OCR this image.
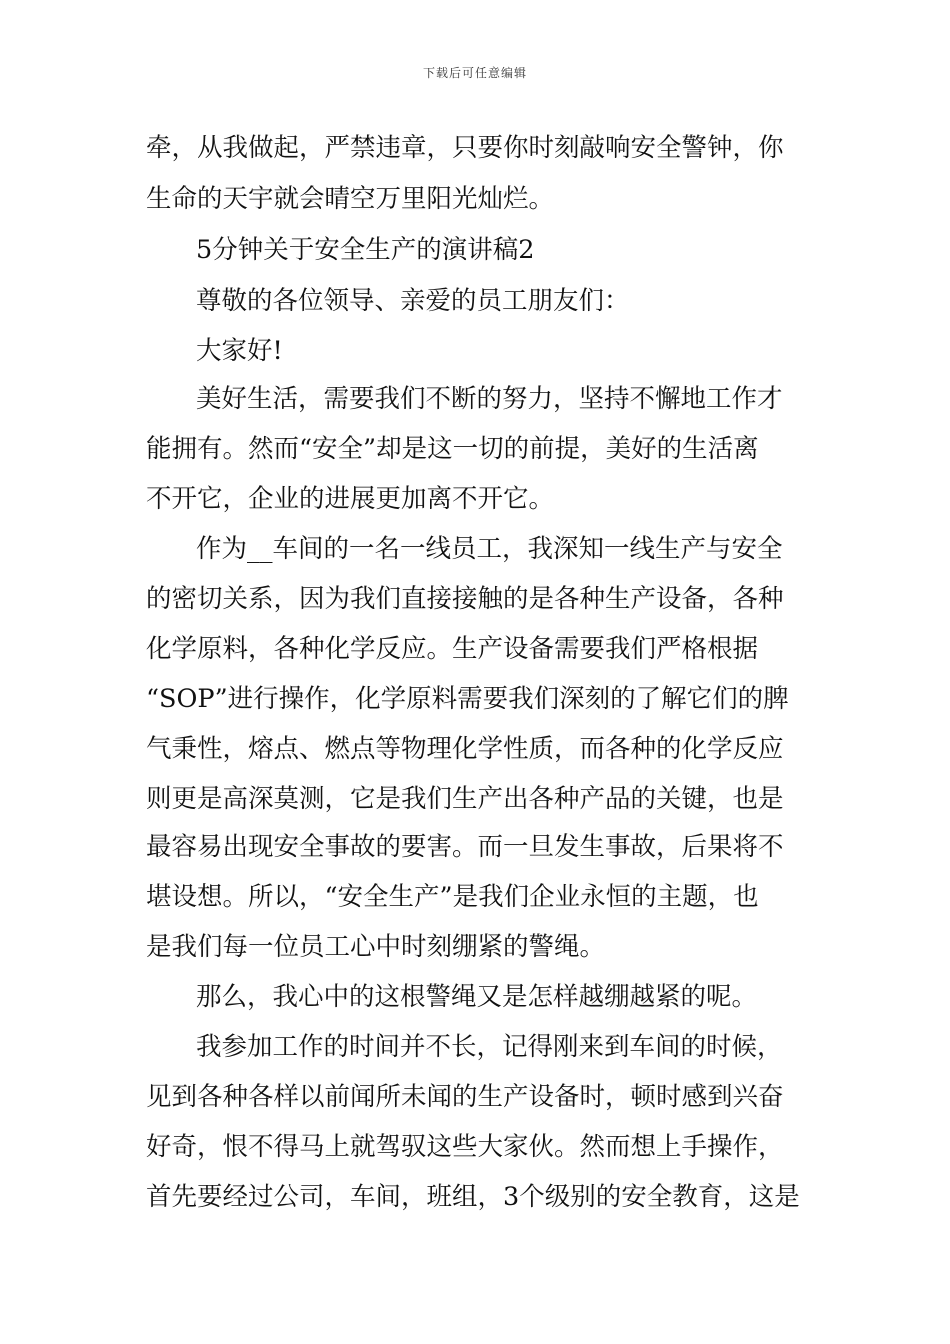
下载后可任意编辑
牵，从我做起，严禁违章，只要你时刻敲响安全警钟，你
生命的天宇就会晴空万里阳光灿烂。
5分钟关于安全生产的演讲稿2
尊敬的各位领导、亲爱的员工朋友们：
大家好!
美好生活，需要我们不断的努力，坚持不懈地工作才
能拥有。然而“安全”却是这一切的前提，美好的生活离
不开它，企业的进展更加离不开它。
作为__车间的一名一线员工，我深知一线生产与安全
的密切关系，因为我们直接接触的是各种生产设备，各种
化学原料，各种化学反应。生产设备需要我们严格根据
“SOP”进行操作，化学原料需要我们深刻的了解它们的脾
气秉性，熔点、燃点等物理化学性质，而各种的化学反应
则更是高深莫测，它是我们生产出各种产品的关键，也是
最容易出现安全事故的要害。而一旦发生事故，后果将不
堪设想。所以，“安全生产”是我们企业永恒的主题，也
是我们每一位员工心中时刻绷紧的警绳。
那么，我心中的这根警绳又是怎样越绷越紧的呢。
我参加工作的时间并不长，记得刚来到车间的时候，
见到各种各样以前闻所未闻的生产设备时，顿时感到兴奋
好奇，恨不得马上就驾驭这些大家伙。然而想上手操作，
首先要经过公司，车间，班组，3个级别的安全教育，这是
